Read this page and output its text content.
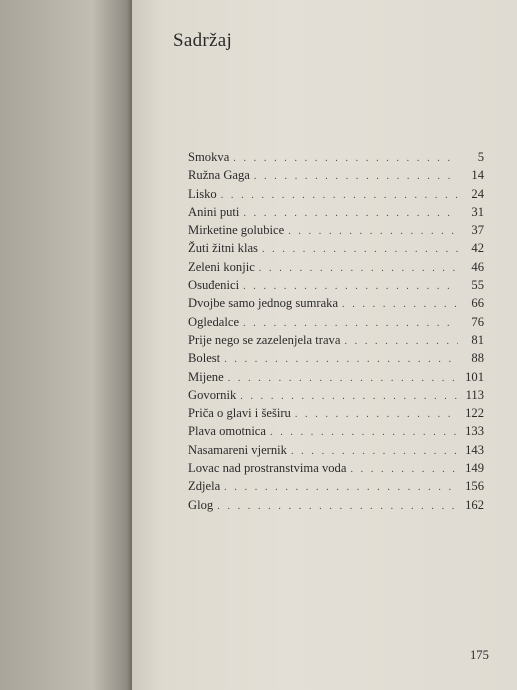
Sadržaj
Smokva . . .	5
Ružna Gaga . . .	14
Lisko . . .	24
Anini puti . . .	31
Mirketine golubice . . .	37
Žuti žitni klas . . .	42
Zeleni konjic . . .	46
Osuđenici . . .	55
Dvojbe samo jednog sumraka . . .	66
Ogledalce . . .	76
Prije nego se zazelenjela trava . . .	81
Bolest . . .	88
Mijene . . .	101
Govornik . . .	113
Priča o glavi i šeširu . . .	122
Plava omotnica . . .	133
Nasamareni vjernik . . .	143
Lovac nad prostranstvima voda . . .	149
Zdjela . . .	156
Glog . . .	162
175
